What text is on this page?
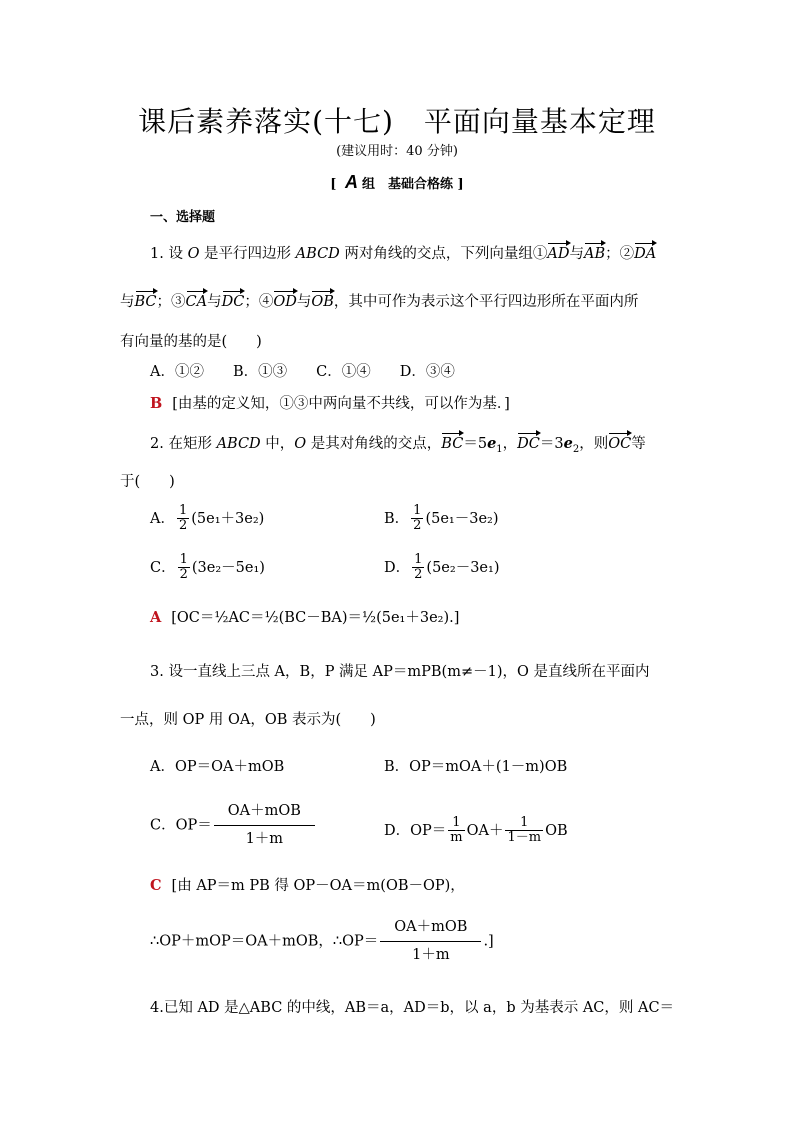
课后素养落实(十七) 平面向量基本定理
(建议用时：40 分钟)
[ A 组　基础合格练 ]
一、选择题
1. 设 O 是平行四边形 ABCD 两对角线的交点，下列向量组①AD与AB；②DA
与BC；③CA与DC；④OD与OB，其中可作为表示这个平行四边形所在平面内所
有向量的基的是(　　)
A．①②　　B．①③　　C．①④　　D．③④
B [由基的定义知，①③中两向量不共线，可以作为基．]
2. 在矩形 ABCD 中，O 是其对角线的交点，$BC=5e_1$，$DC=3e_2$，则OC等
于(　　)
A． $\frac{1}{2} (5e_1+3e_2)$	B． $\frac{1}{2} (5e_1-3e_2)$
C． $\frac{1}{2} (3e_2-5e_1)$	D． $\frac{1}{2} (5e_2-3e_1)$
A [OC＝½AC＝½(BC－BA)＝½(5e₁＋3e₂).]
3. 设一直线上三点 A，B，P 满足 AP＝mPB(m≠－1)，O 是直线所在平面内
一点，则 OP 用 OA，OB 表示为(　　)
A．OP＝OA＋mOB	B．OP＝mOA＋(1－m)OB
C．OP＝
OA＋mOB
1＋m
D．$OP= \frac{1}{m} OA+ \frac{1}{1-m}$ OB
C [由 AP＝m PB 得 OP－OA＝m(OB－OP)，
∴OP＋mOP＝OA＋mOB，∴OP＝
OA＋mOB
1＋m
.]
4.已知 AD 是△ABC 的中线，AB＝a，AD＝b，以 a，b 为基表示 AC，则 AC＝
